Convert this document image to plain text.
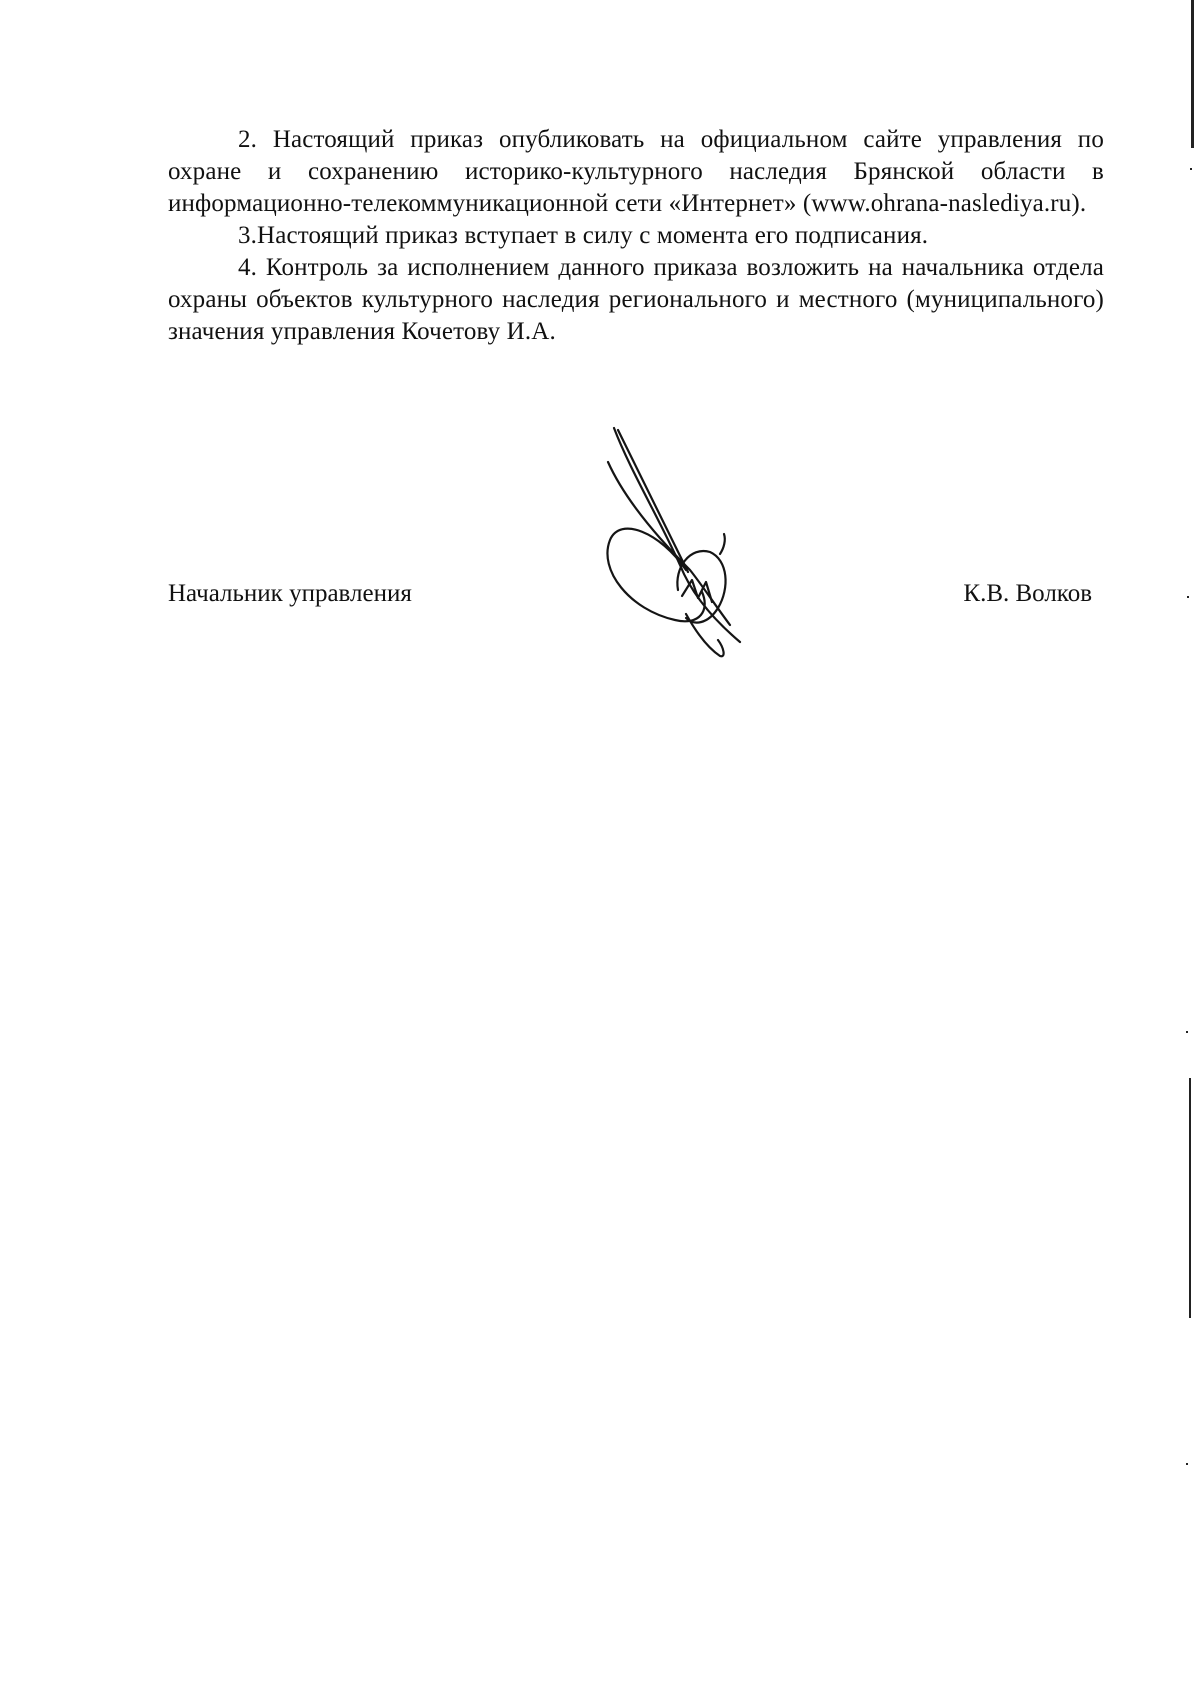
2. Настоящий приказ опубликовать на официальном сайте управления по охране и сохранению историко-культурного наследия Брянской области в информационно-телекоммуникационной сети «Интернет» (www.ohrana-naslediya.ru).

3.Настоящий приказ вступает в силу с момента его подписания.

4. Контроль за исполнением данного приказа возложить на начальника отдела охраны объектов культурного наследия регионального и местного (муниципального) значения управления Кочетову И.А.

Начальник управления	К.В. Волков
